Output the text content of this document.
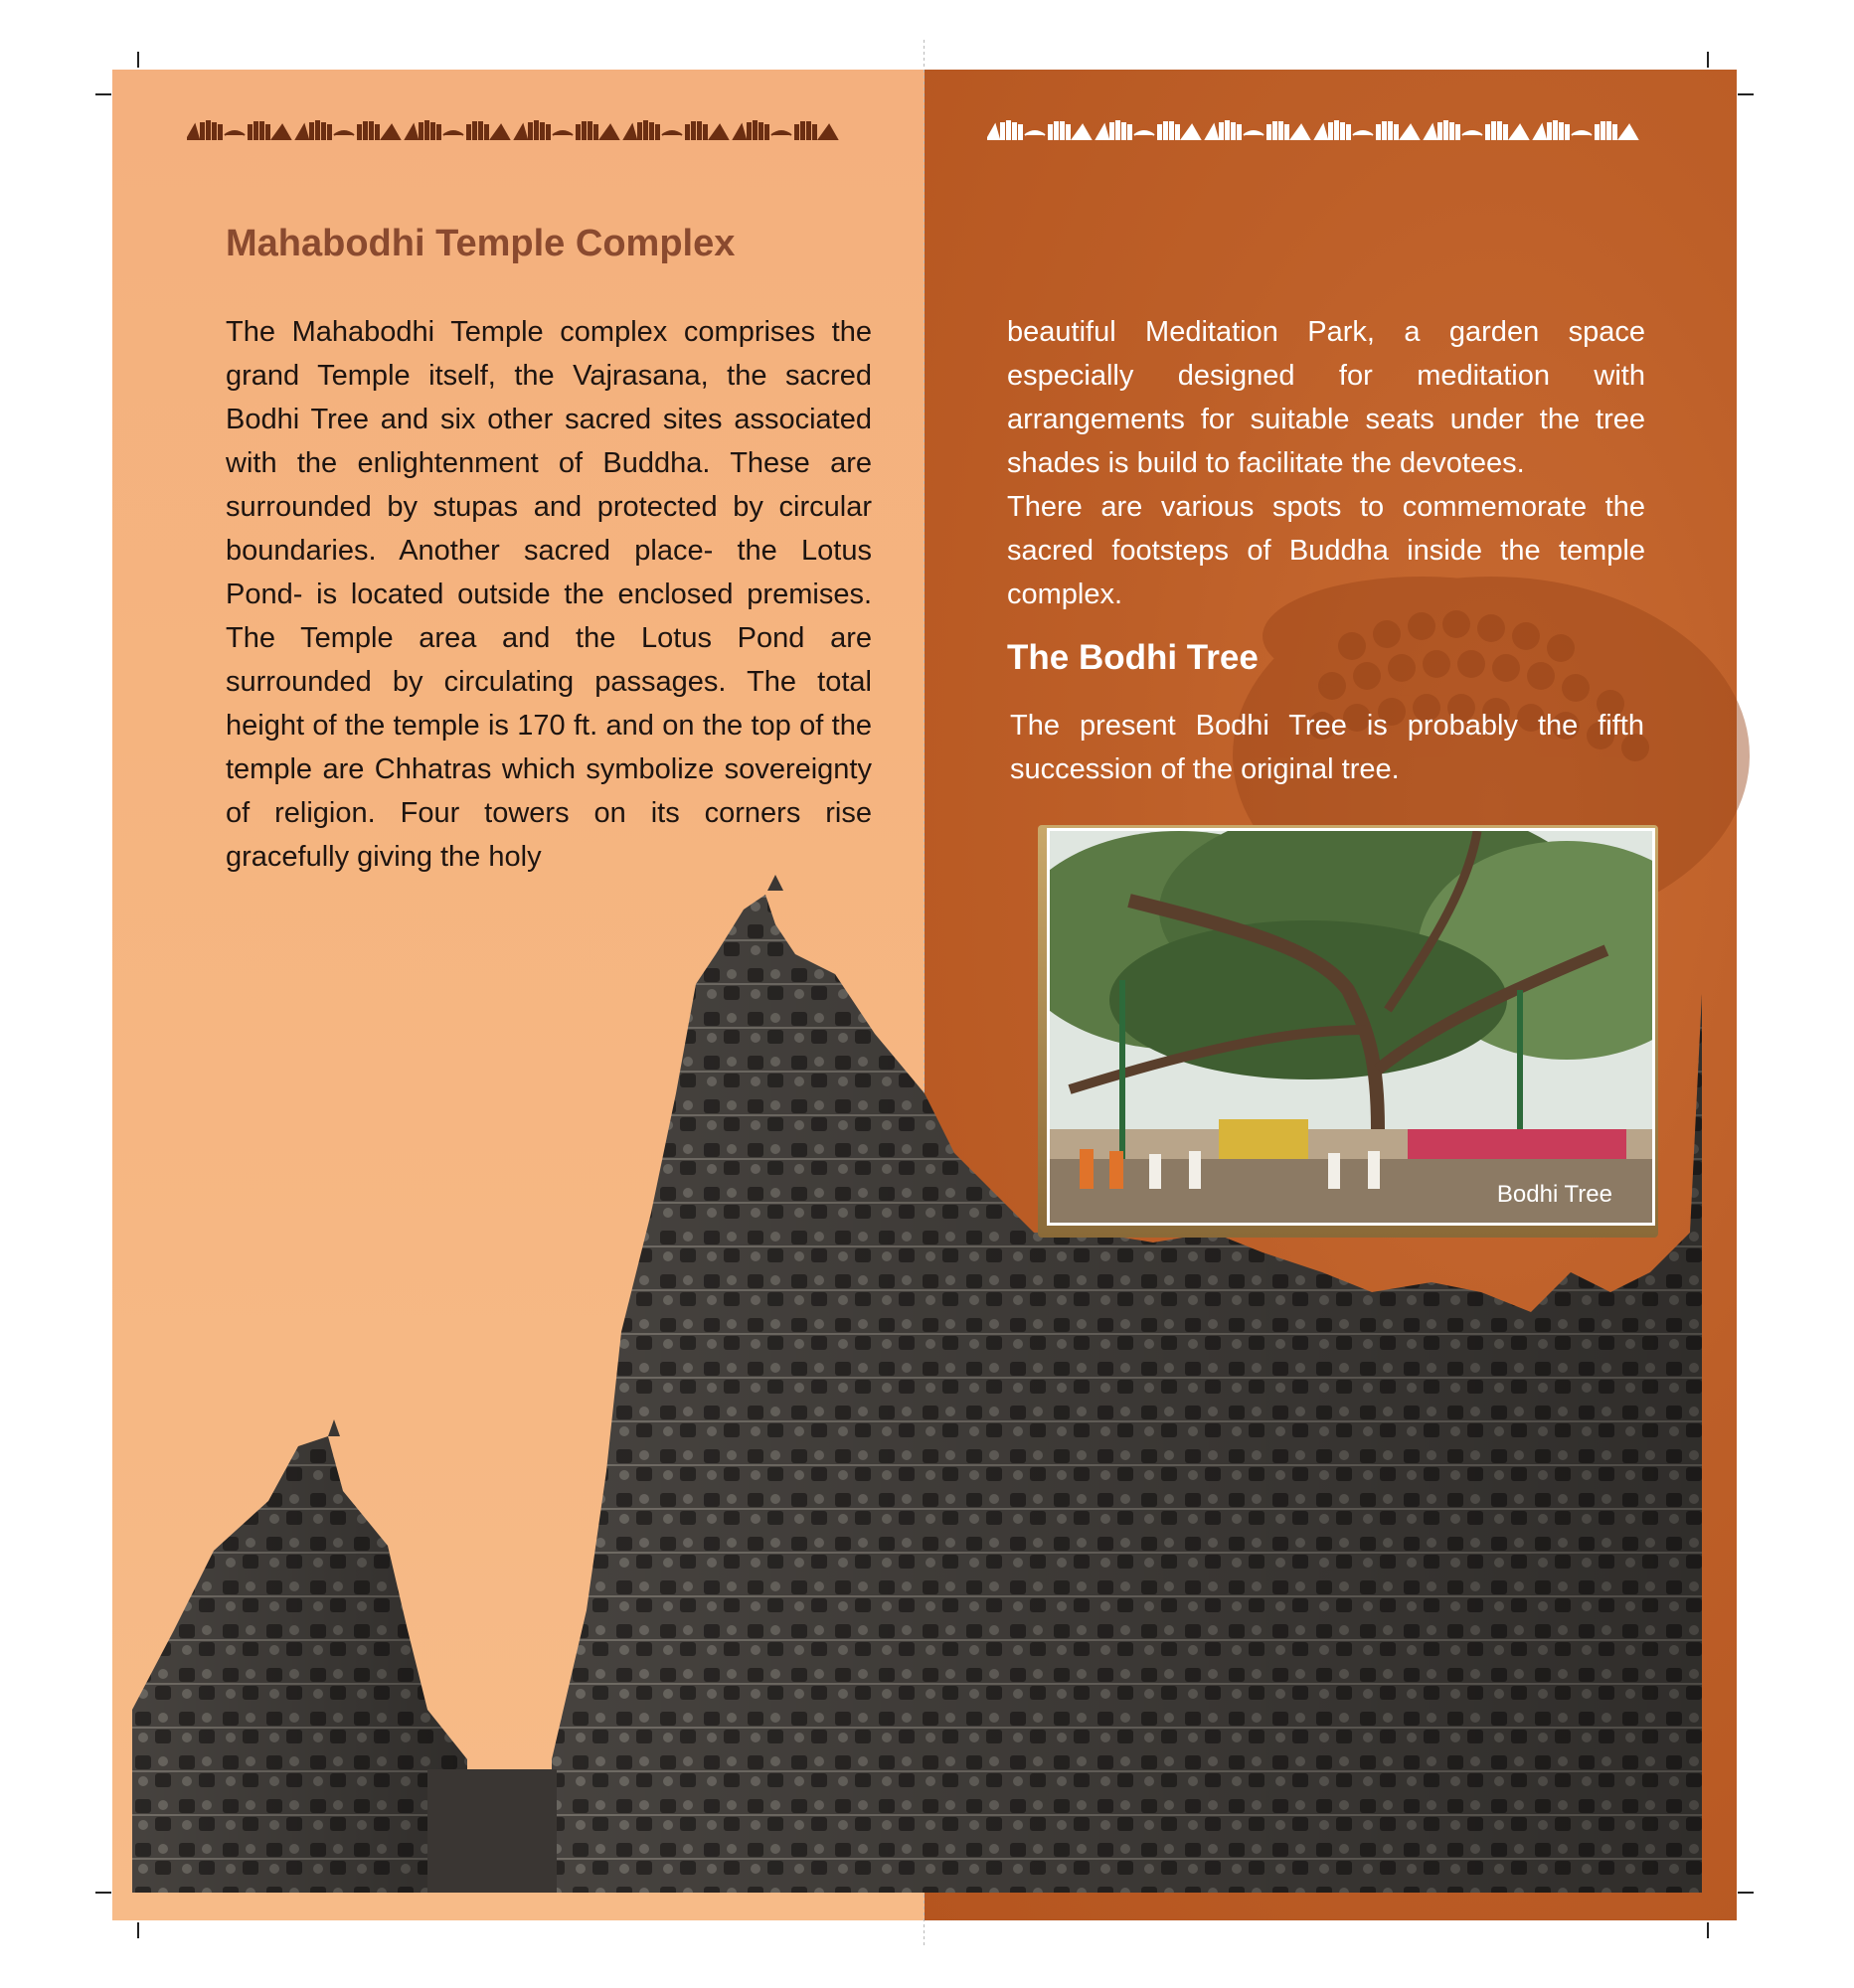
Mahabodhi Temple Complex

The Mahabodhi Temple complex comprises the grand Temple itself, the Vajrasana, the sacred Bodhi Tree and six other sacred sites associated with the enlightenment of Buddha. These are surrounded by stupas and protected by circular boundaries. Another sacred place- the Lotus Pond- is located outside the enclosed premises. The Temple area and the Lotus Pond are surrounded by circulating passages. The total height of the temple is 170 ft. and on the top of the temple are Chhatras which symbolize sovereignty of religion. Four towers on its corners rise gracefully giving the holy

beautiful Meditation Park, a garden space especially designed for meditation with arrangements for suitable seats under the tree shades is build to facilitate the devotees.

There are various spots to commemorate the sacred footsteps of Buddha inside the temple complex.

The Bodhi Tree

The present Bodhi Tree is probably the fifth succession of the original tree.

Bodhi Tree
